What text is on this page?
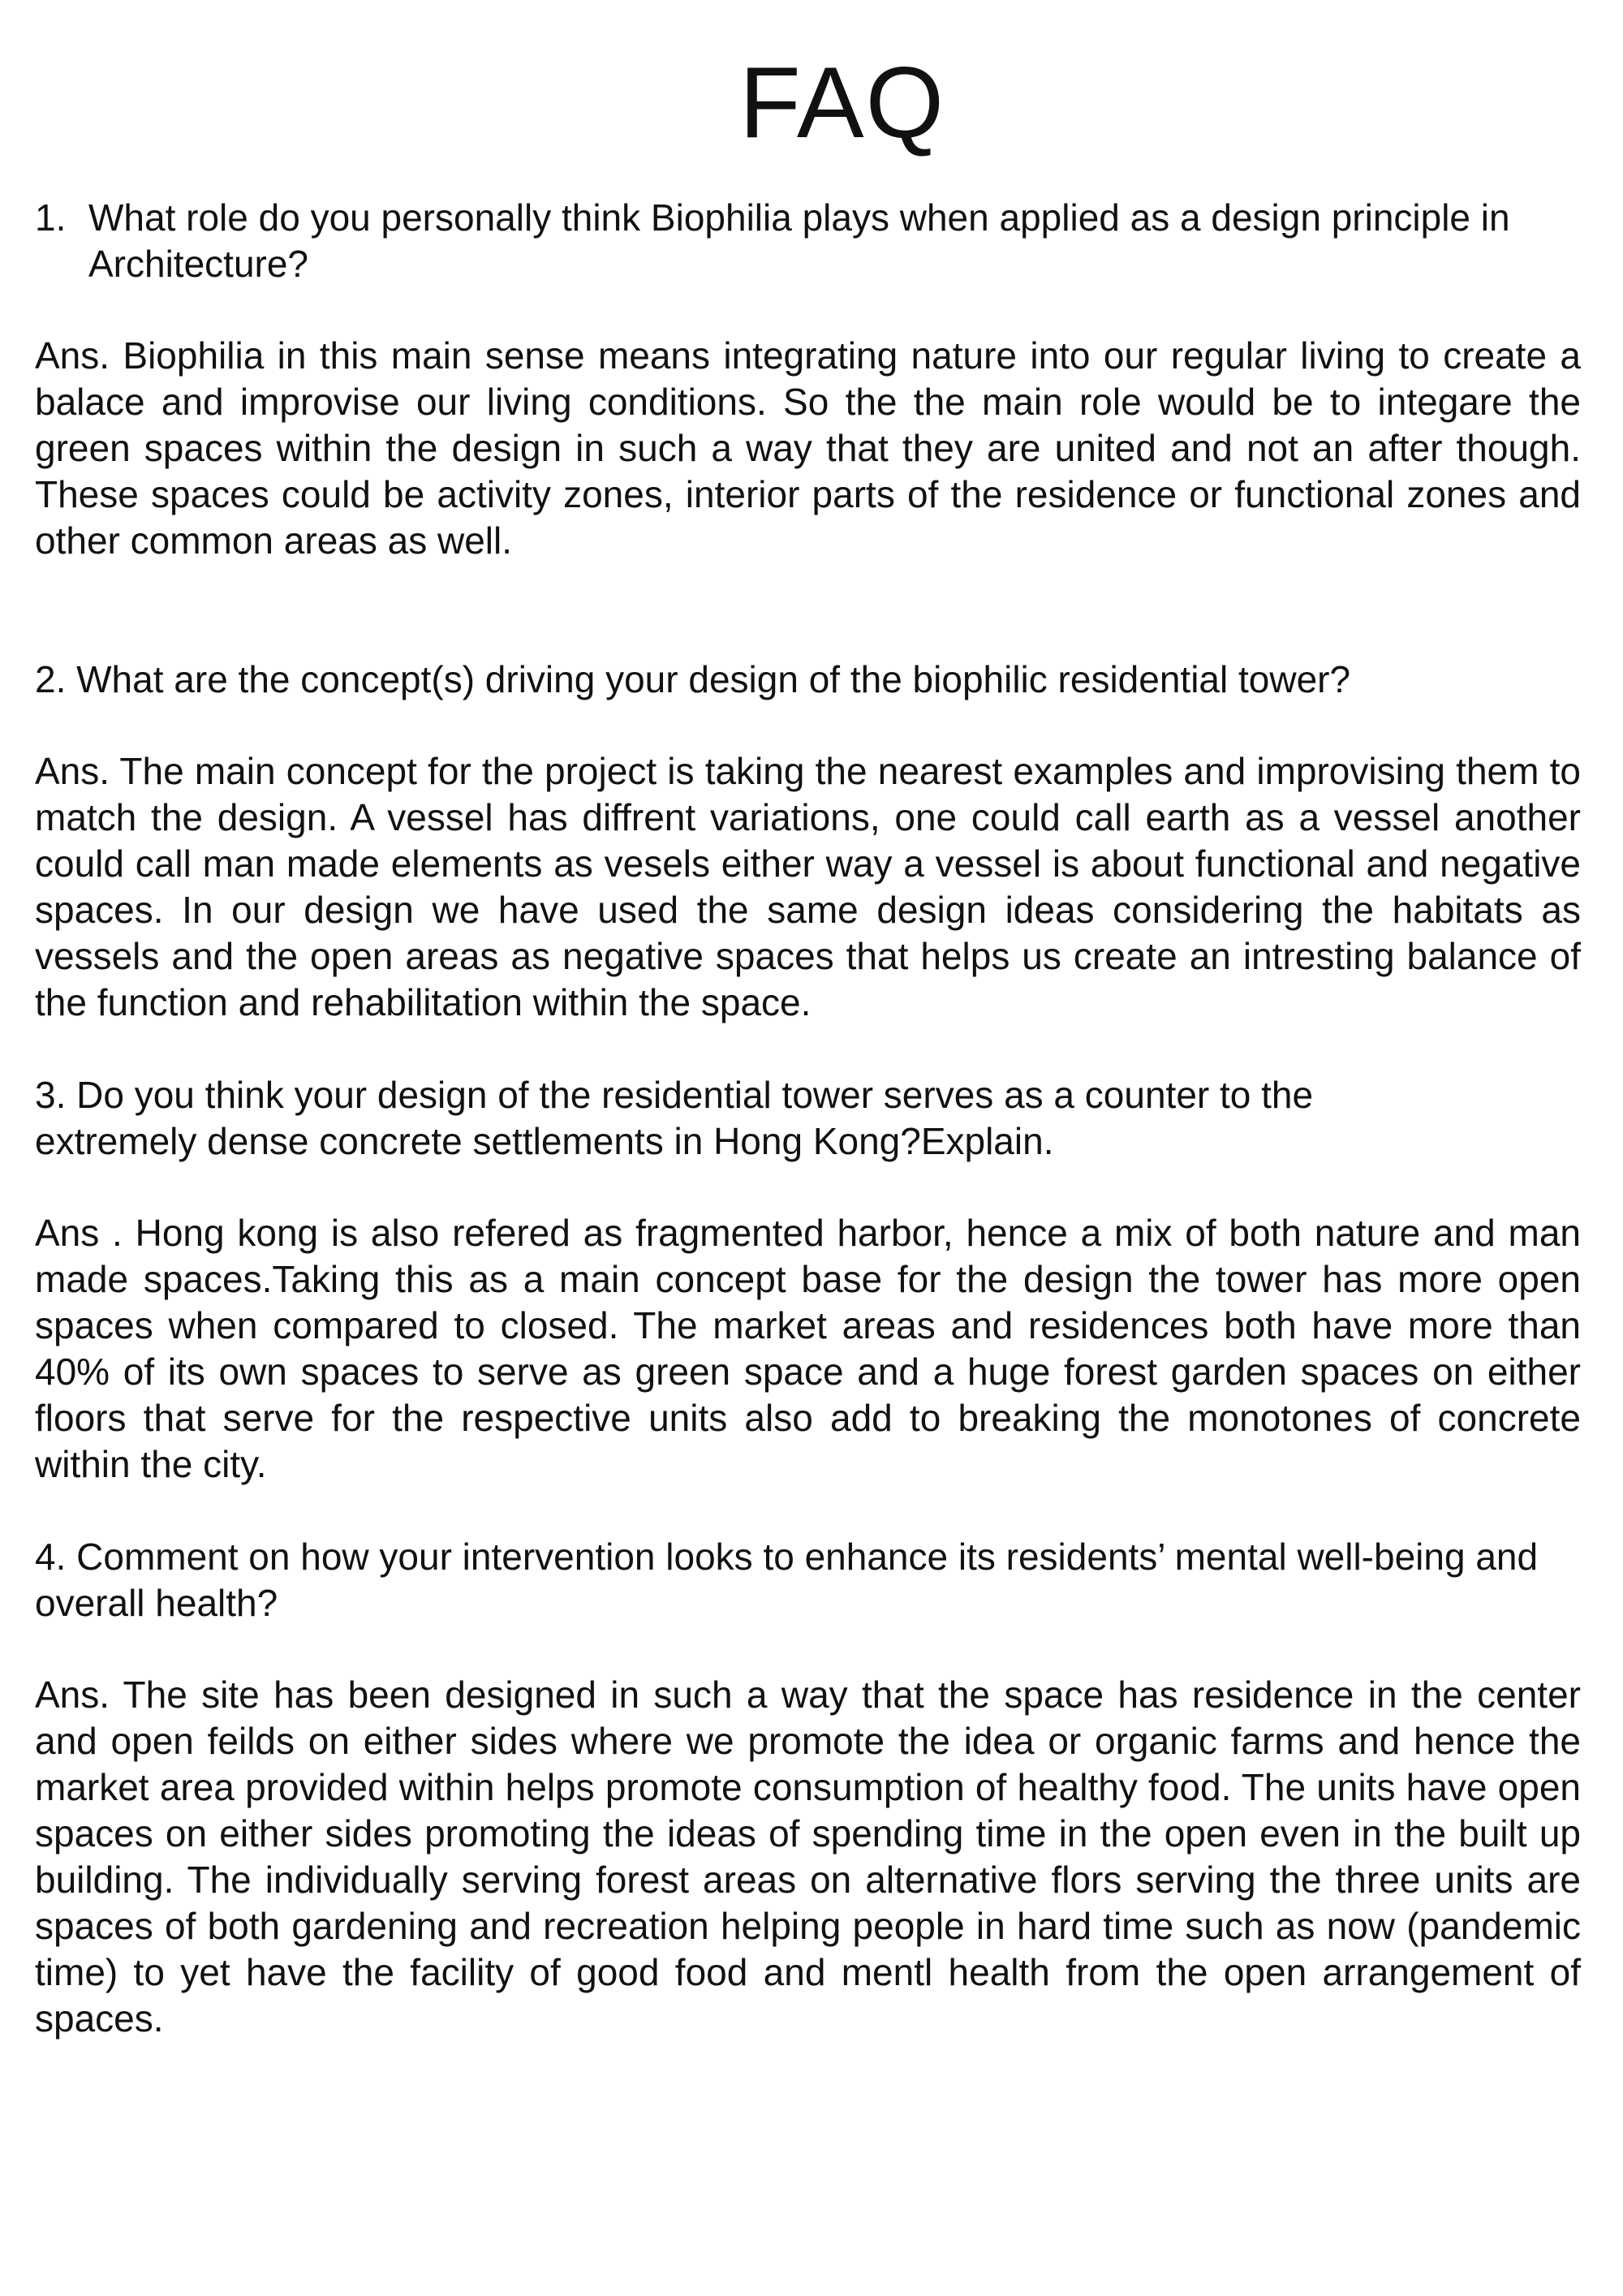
FAQ
1. What role do you personally think Biophilia plays when applied as a design principle in Architecture?

Ans. Biophilia in this main sense means integrating nature into our regular living to create a balace and improvise our living conditions. So the the main role would be to integare the green spaces within the design in such a way that they are united and not an after though. These spaces could be activity zones, interior parts of the residence or functional zones and other common areas as well.

2. What are the concept(s) driving your design of the biophilic residential tower?

Ans. The main concept for the project is taking the nearest examples and improvising them to match the design. A vessel has diffrent variations, one could call earth as a vessel another could call man made elements as vesels either way a vessel is about functional and negative spaces. In our design we have used the same design ideas considering the habitats as vessels and the open areas as negative spaces that helps us create an intresting balance of the function and rehabilitation within the space.

3. Do you think your design of the residential tower serves as a counter to the extremely dense concrete settlements in Hong Kong?Explain.

Ans . Hong kong is also refered as fragmented harbor, hence a mix of both nature and man made spaces.Taking this as a main concept base for the design the tower has more open spaces when compared to closed. The market areas and residences both have more than 40% of its own spaces to serve as green space and a huge forest garden spaces on either floors that serve for the respective units also add to breaking the monotones of concrete within the city.

4. Comment on how your intervention looks to enhance its residents’ mental well-being and overall health?

Ans. The site has been designed in such a way that the space has residence in the center and open feilds on either sides where we promote the idea or organic farms and hence the market area provided within helps promote consumption of healthy food. The units have open spaces on either sides promoting the ideas of spending time in the open even in the built up building. The individually serving forest areas on alternative flors serving the three units are spaces of both gardening and recreation helping people in hard time such as now (pandemic time) to yet have the facility of good food and mentl health from the open arrangement of spaces.
